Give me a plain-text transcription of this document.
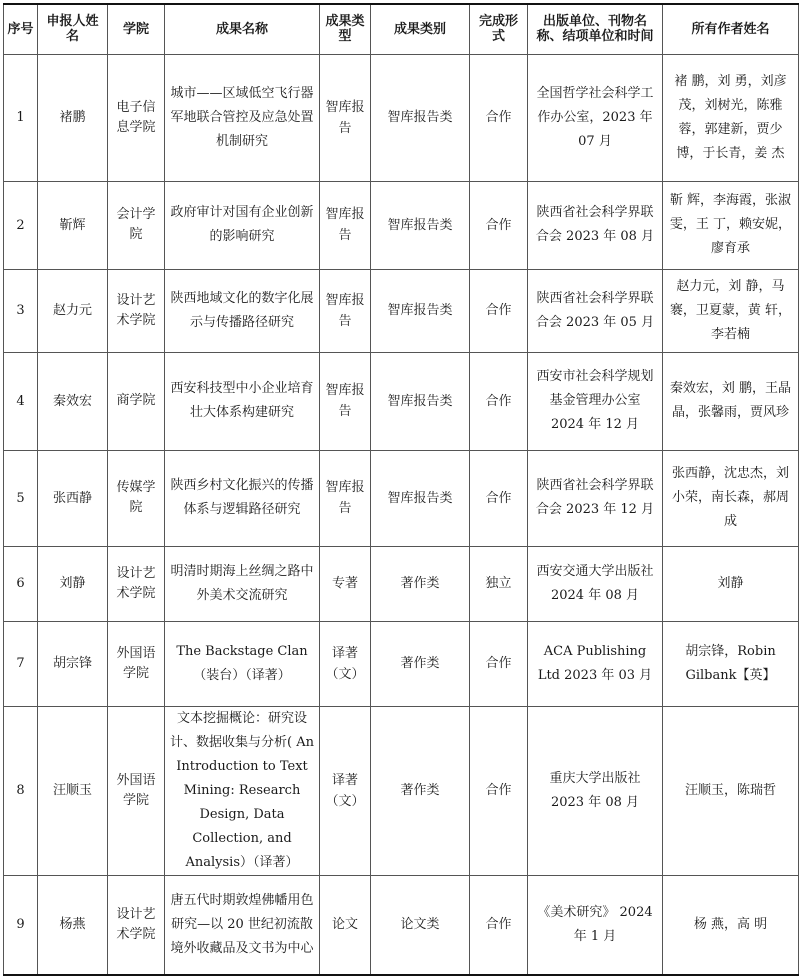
序号	申报人姓名	学院	成果名称	成果类型	成果类别	完成形式	出版单位、刊物名称、结项单位和时间	所有作者姓名
1	褚鹏	电子信息学院	城市——区域低空飞行器军地联合管控及应急处置机制研究	智库报告	智库报告类	合作	全国哲学社会科学工作办公室，2023 年 07 月	褚 鹏，刘 勇，刘彦茂，刘树光，陈雅蓉，郭建新，贾少博，于长青，姜 杰
2	靳辉	会计学院	政府审计对国有企业创新的影响研究	智库报告	智库报告类	合作	陕西省社会科学界联合会 2023 年 08 月	靳 辉，李海霞，张淑雯，王 丁，赖安妮，廖育承
3	赵力元	设计艺术学院	陕西地域文化的数字化展示与传播路径研究	智库报告	智库报告类	合作	陕西省社会科学界联合会 2023 年 05 月	赵力元，刘 静，马 褰，卫夏蒙，黄 轩，李若楠
4	秦效宏	商学院	西安科技型中小企业培育壮大体系构建研究	智库报告	智库报告类	合作	西安市社会科学规划基金管理办公室 2024 年 12 月	秦效宏，刘 鹏，王晶晶，张馨雨，贾风珍
5	张西静	传媒学院	陕西乡村文化振兴的传播体系与逻辑路径研究	智库报告	智库报告类	合作	陕西省社会科学界联合会 2023 年 12 月	张西静，沈忠杰，刘小荣，南长森，郝周成
6	刘静	设计艺术学院	明清时期海上丝绸之路中外美术交流研究	专著	著作类	独立	西安交通大学出版社 2024 年 08 月	刘静
7	胡宗锋	外国语学院	The Backstage Clan（装台）（译著）	译著（文）	著作类	合作	ACA Publishing Ltd 2023 年 03 月	胡宗锋，Robin Gilbank【英】
8	汪顺玉	外国语学院	文本挖掘概论：研究设计、数据收集与分析( An Introduction to Text Mining: Research Design, Data Collection, and Analysis）（译著）	译著（文）	著作类	合作	重庆大学出版社 2023 年 08 月	汪顺玉，陈瑞哲
9	杨燕	设计艺术学院	唐五代时期敦煌佛幡用色研究—以 20 世纪初流散境外收藏品及文书为中心	论文	论文类	合作	《美术研究》 2024 年 1 月	杨 燕，高 明
